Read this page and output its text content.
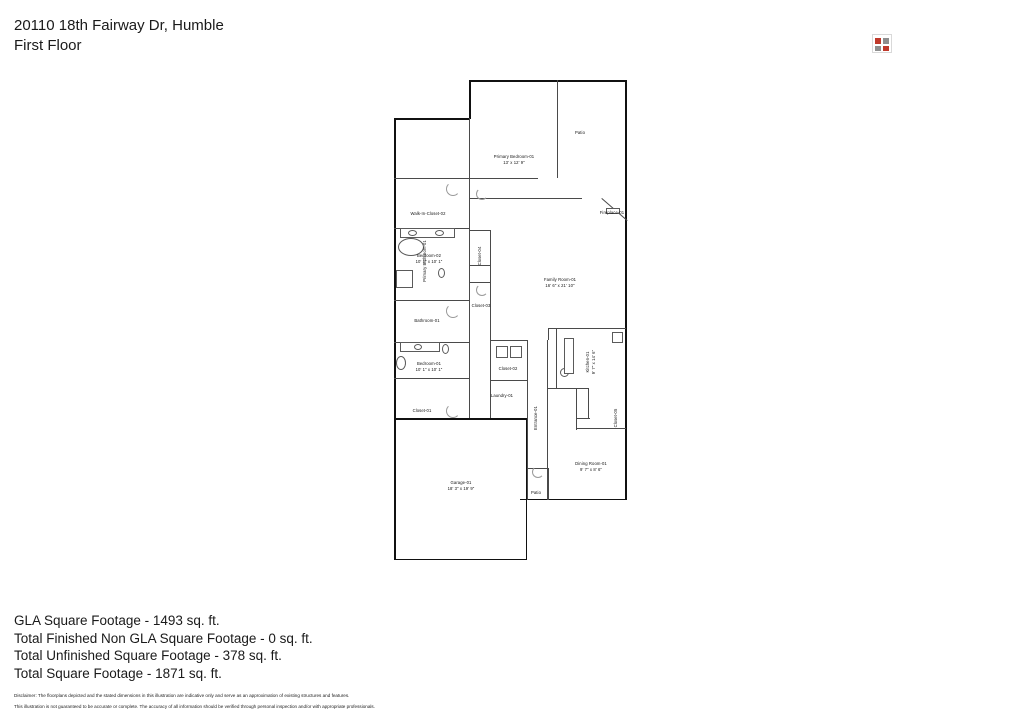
20110 18th Fairway Dr, Humble
First Floor
Walk-In-Closet-02
Primary Bedroom-01
13' x 12' 9"
Patio
Primary Bathroom-01
Fireplace-01
Bedroom-02
10' 1" x 10' 1"	Closet-04
Closet-03
Family Room-01
16' 6" x 21' 10"
Bathroom-01
Bedroom-01
10' 1" x 10' 1"	Closet-02
Laundry-01
Kitchen-01 9' 7" x 14' 6"
Closet-01	Entrance-01	Closet-05
Dining Room-01
9' 7" x 8' 6"
Garage-01
18' 3" x 19' 9"
Patio
GLA Square Footage - 1493 sq. ft.
Total Finished Non GLA Square Footage - 0 sq. ft.
Total Unfinished Square Footage - 378 sq. ft.
Total Square Footage - 1871 sq. ft.
Disclaimer: The floorplans depicted and the stated dimensions in this illustration are indicative only and serve as an approximation of existing structures and features.
This illustration is not guaranteed to be accurate or complete. The accuracy of all information should be verified through personal inspection and/or with appropriate professionals.
